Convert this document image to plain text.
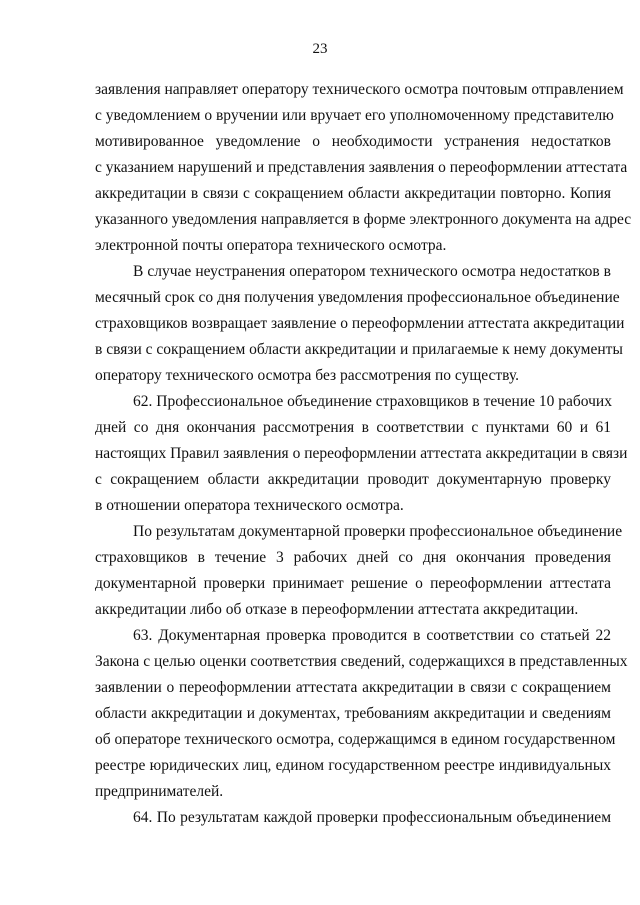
23
заявления направляет оператору технического осмотра почтовым отправлением
с уведомлением о вручении или вручает его уполномоченному представителю
мотивированное уведомление о необходимости устранения недостатков
с указанием нарушений и представления заявления о переоформлении аттестата
аккредитации в связи с сокращением области аккредитации повторно. Копия
указанного уведомления направляется в форме электронного документа на адрес
электронной почты оператора технического осмотра.
В случае неустранения оператором технического осмотра недостатков в
месячный срок со дня получения уведомления профессиональное объединение
страховщиков возвращает заявление о переоформлении аттестата аккредитации
в связи с сокращением области аккредитации и прилагаемые к нему документы
оператору технического осмотра без рассмотрения по существу.
62. Профессиональное объединение страховщиков в течение 10 рабочих
дней со дня окончания рассмотрения в соответствии с пунктами 60 и 61
настоящих Правил заявления о переоформлении аттестата аккредитации в связи
с сокращением области аккредитации проводит документарную проверку
в отношении оператора технического осмотра.
По результатам документарной проверки профессиональное объединение
страховщиков в течение 3 рабочих дней со дня окончания проведения
документарной проверки принимает решение о переоформлении аттестата
аккредитации либо об отказе в переоформлении аттестата аккредитации.
63. Документарная проверка проводится в соответствии со статьей 22
Закона с целью оценки соответствия сведений, содержащихся в представленных
заявлении о переоформлении аттестата аккредитации в связи с сокращением
области аккредитации и документах, требованиям аккредитации и сведениям
об операторе технического осмотра, содержащимся в едином государственном
реестре юридических лиц, едином государственном реестре индивидуальных
предпринимателей.
64. По результатам каждой проверки профессиональным объединением
